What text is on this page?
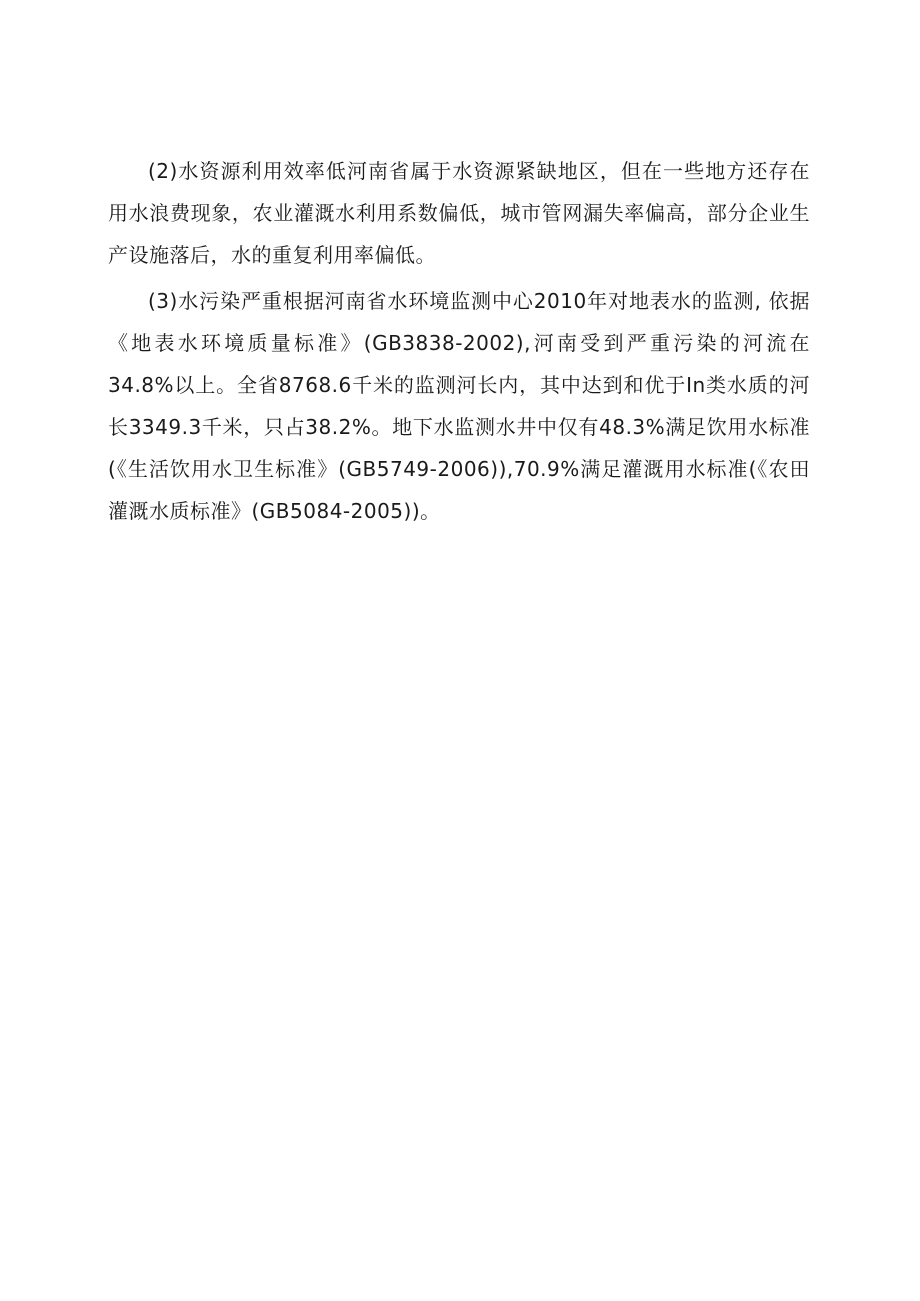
(2)水资源利用效率低河南省属于水资源紧缺地区，但在一些地方还存在用水浪费现象，农业灌溉水利用系数偏低，城市管网漏失率偏高，部分企业生产设施落后，水的重复利用率偏低。

(3)水污染严重根据河南省水环境监测中心2010年对地表水的监测, 依据《地表水环境质量标准》(GB3838-2002),河南受到严重污染的河流在34.8%以上。全省8768.6千米的监测河长内，其中达到和优于In类水质的河长3349.3千米，只占38.2%。地下水监测水井中仅有48.3%满足饮用水标准(《生活饮用水卫生标准》(GB5749-2006)),70.9%满足灌溉用水标准(《农田灌溉水质标准》(GB5084-2005))。
